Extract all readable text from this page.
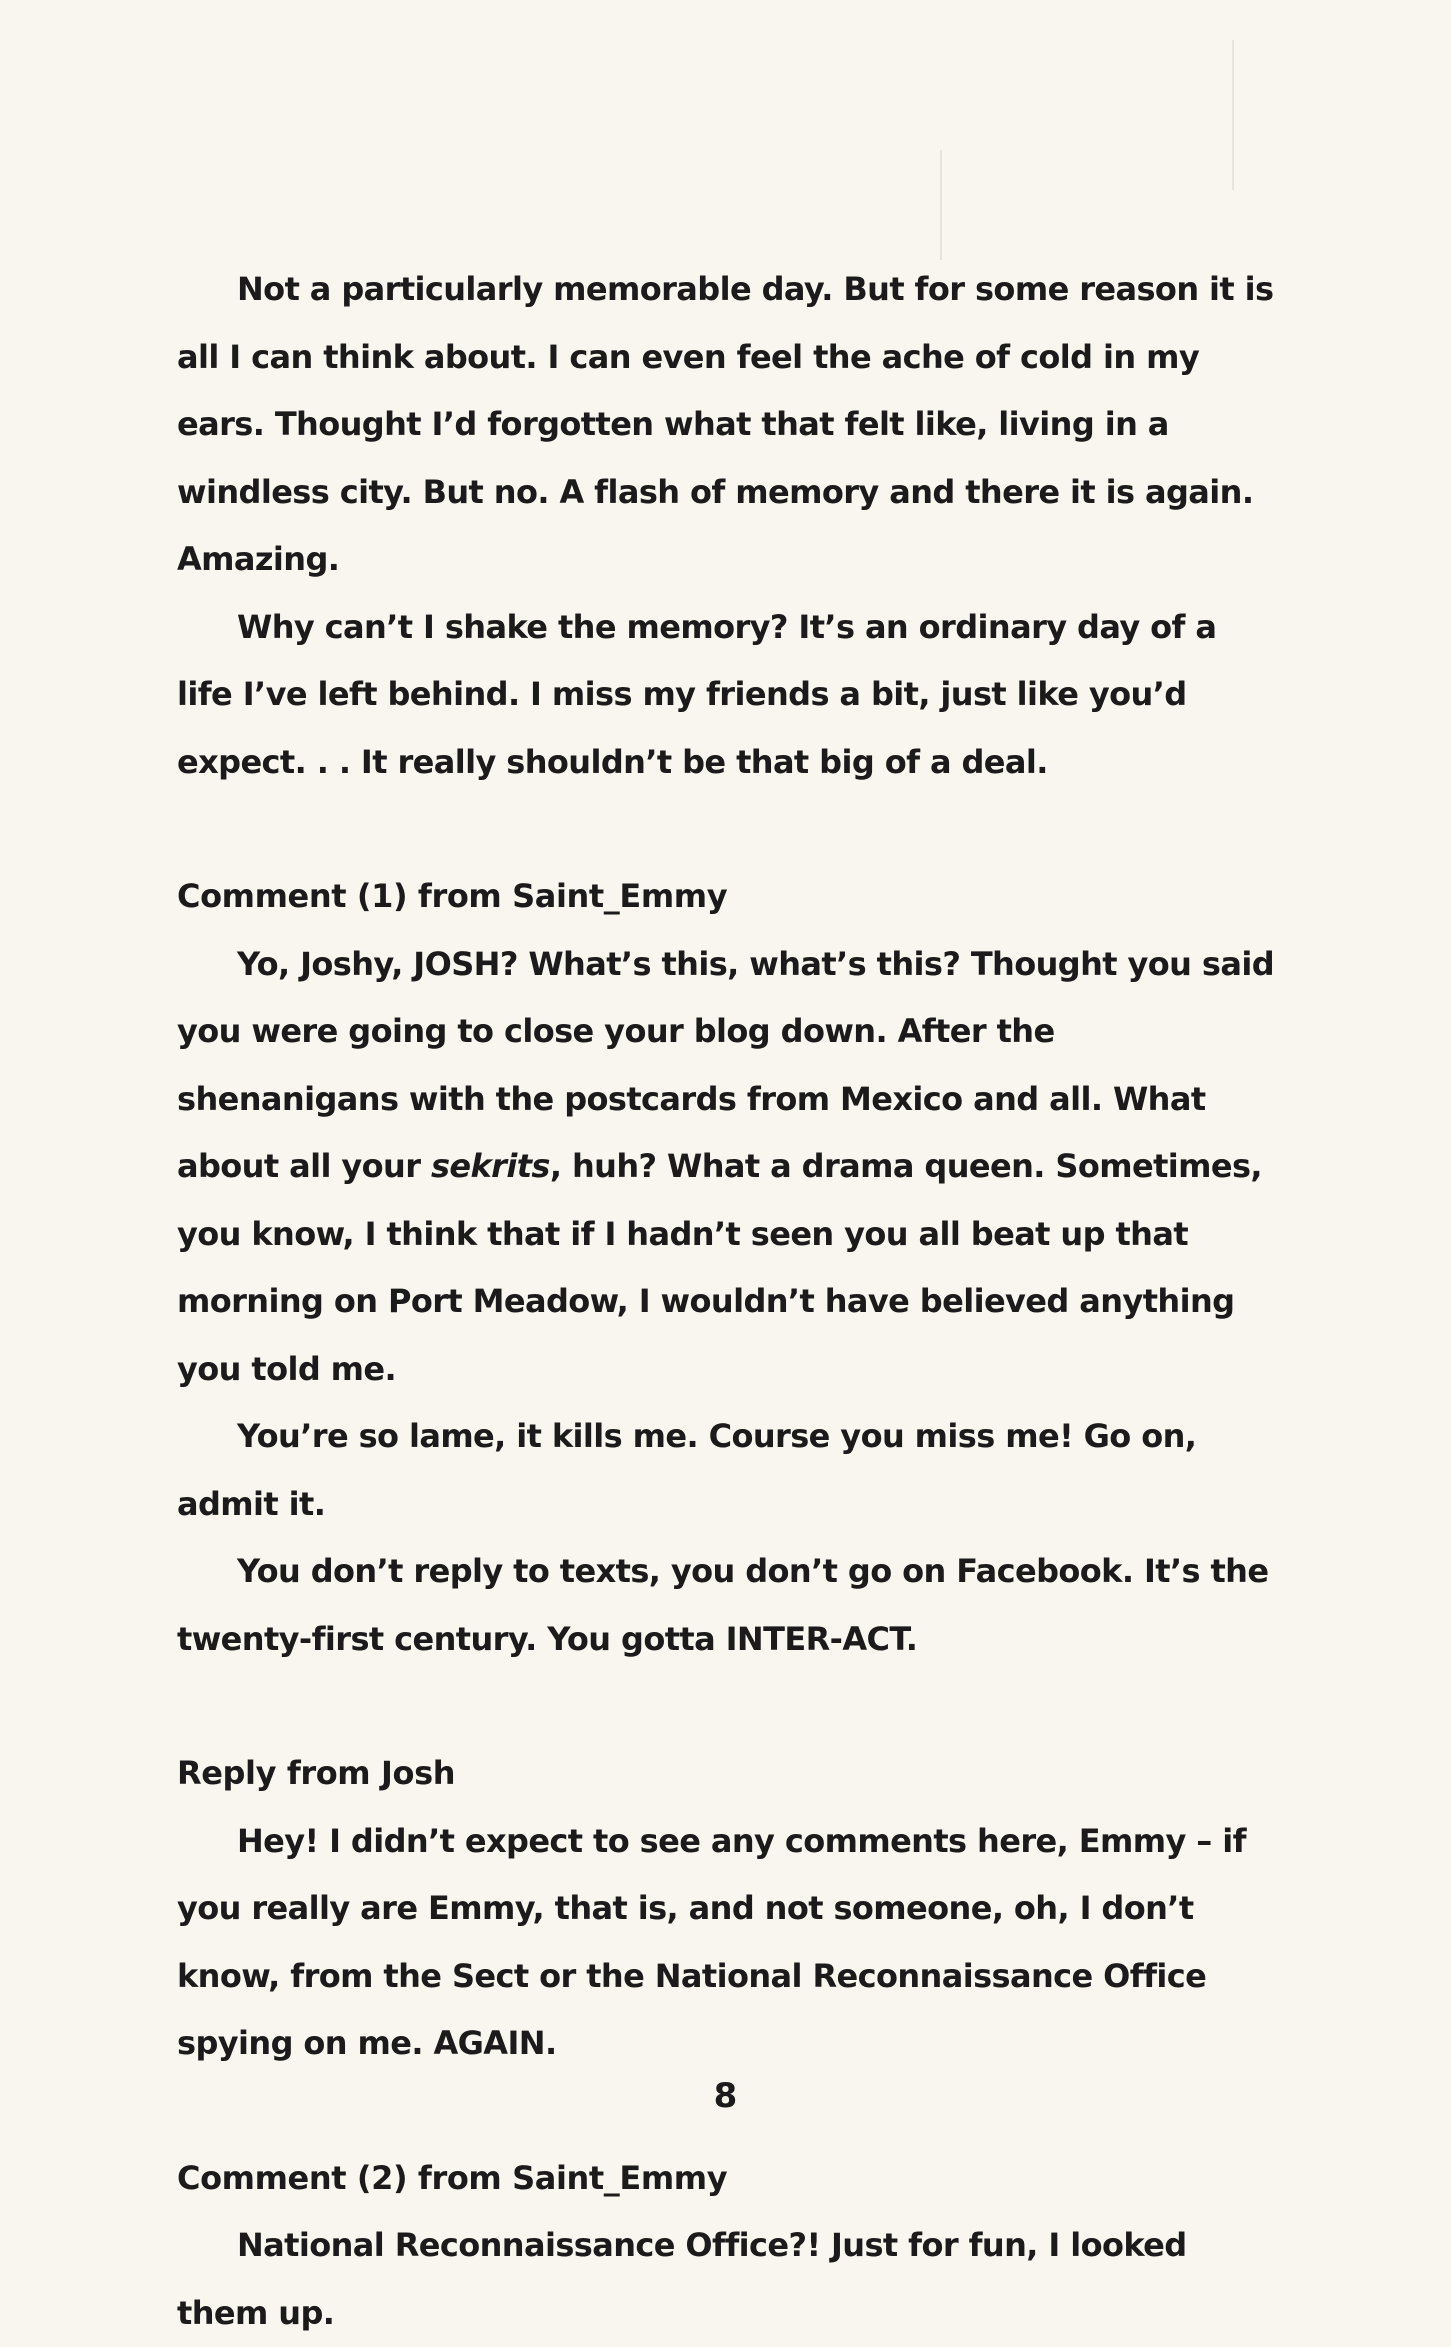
Not a particularly memorable day. But for some reason it is all I can think about. I can even feel the ache of cold in my ears. Thought I’d forgotten what that felt like, living in a windless city. But no. A flash of memory and there it is again. Amazing.

Why can’t I shake the memory? It’s an ordinary day of a life I’ve left behind. I miss my friends a bit, just like you’d expect. . . It really shouldn’t be that big of a deal.

Comment (1) from Saint_Emmy

Yo, Joshy, JOSH? What’s this, what’s this? Thought you said you were going to close your blog down. After the shenanigans with the postcards from Mexico and all. What about all your sekrits, huh? What a drama queen. Sometimes, you know, I think that if I hadn’t seen you all beat up that morning on Port Meadow, I wouldn’t have believed anything you told me.

You’re so lame, it kills me. Course you miss me! Go on, admit it.

You don’t reply to texts, you don’t go on Facebook. It’s the twenty-first century. You gotta INTER-ACT.

Reply from Josh

Hey! I didn’t expect to see any comments here, Emmy – if you really are Emmy, that is, and not someone, oh, I don’t know, from the Sect or the National Reconnaissance Office spying on me. AGAIN.

Comment (2) from Saint_Emmy

National Reconnaissance Office?! Just for fun, I looked them up.

8
